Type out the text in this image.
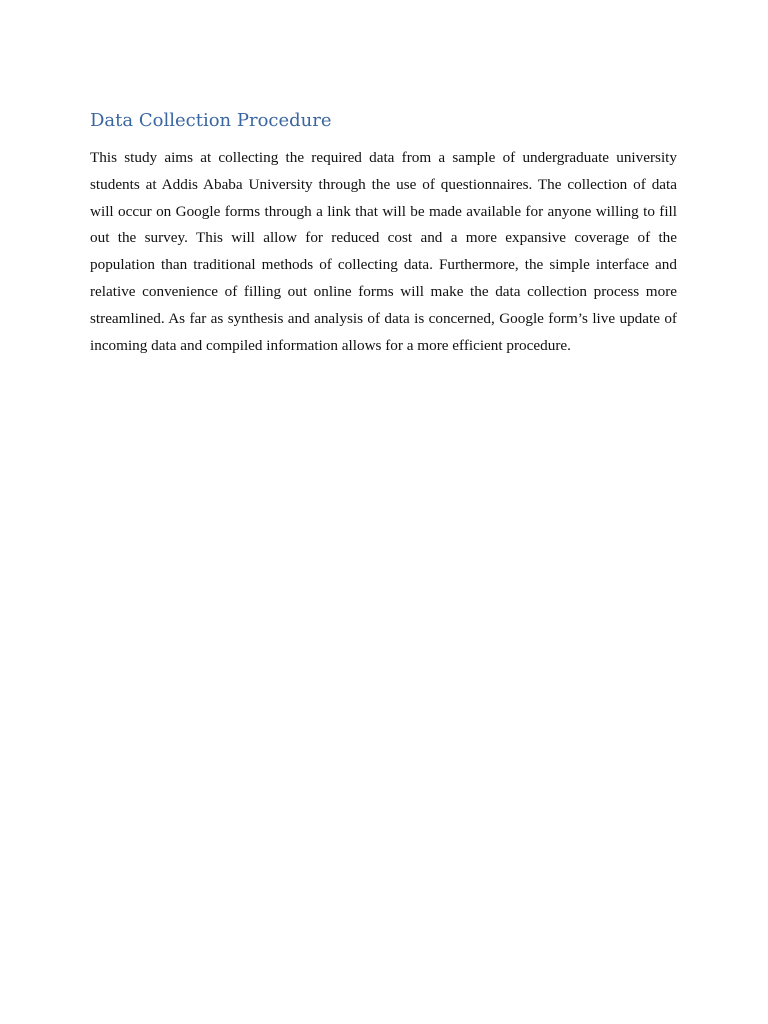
Data Collection Procedure

This study aims at collecting the required data from a sample of undergraduate university students at Addis Ababa University through the use of questionnaires. The collection of data will occur on Google forms through a link that will be made available for anyone willing to fill out the survey. This will allow for reduced cost and a more expansive coverage of the population than traditional methods of collecting data. Furthermore, the simple interface and relative convenience of filling out online forms will make the data collection process more streamlined. As far as synthesis and analysis of data is concerned, Google form’s live update of incoming data and compiled information allows for a more efficient procedure.
